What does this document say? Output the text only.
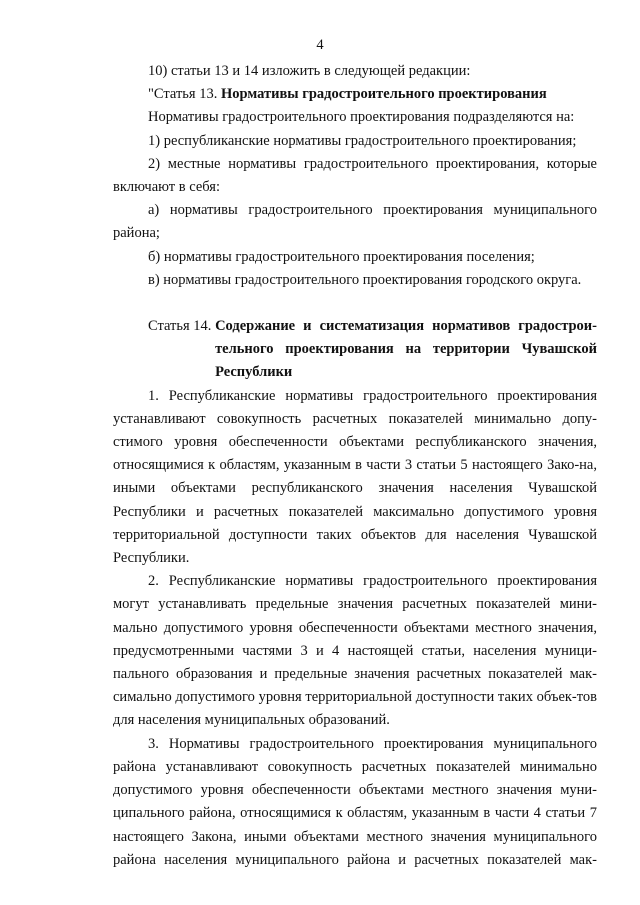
4

10) статьи 13 и 14 изложить в следующей редакции:

"Статья 13. Нормативы градостроительного проектирования

Нормативы градостроительного проектирования подразделяются на:

1) республиканские нормативы градостроительного проектирования;

2) местные нормативы градостроительного проектирования, которые включают в себя:

а) нормативы градостроительного проектирования муниципального района;

б) нормативы градостроительного проектирования поселения;

в) нормативы градостроительного проектирования городского округа.

Статья 14. Содержание и систематизация нормативов градострои-тельного проектирования на территории Чувашской Республики

1. Республиканские нормативы градостроительного проектирования устанавливают совокупность расчетных показателей минимально допу-стимого уровня обеспеченности объектами республиканского значения, относящимися к областям, указанным в части 3 статьи 5 настоящего Зако-на, иными объектами республиканского значения населения Чувашской Республики и расчетных показателей максимально допустимого уровня территориальной доступности таких объектов для населения Чувашской Республики.

2. Республиканские нормативы градостроительного проектирования могут устанавливать предельные значения расчетных показателей мини-мально допустимого уровня обеспеченности объектами местного значения, предусмотренными частями 3 и 4 настоящей статьи, населения муници-пального образования и предельные значения расчетных показателей мак-симально допустимого уровня территориальной доступности таких объек-тов для населения муниципальных образований.

3. Нормативы градостроительного проектирования муниципального района устанавливают совокупность расчетных показателей минимально допустимого уровня обеспеченности объектами местного значения муни-ципального района, относящимися к областям, указанным в части 4 статьи 7 настоящего Закона, иными объектами местного значения муниципального района населения муниципального района и расчетных показателей мак-
